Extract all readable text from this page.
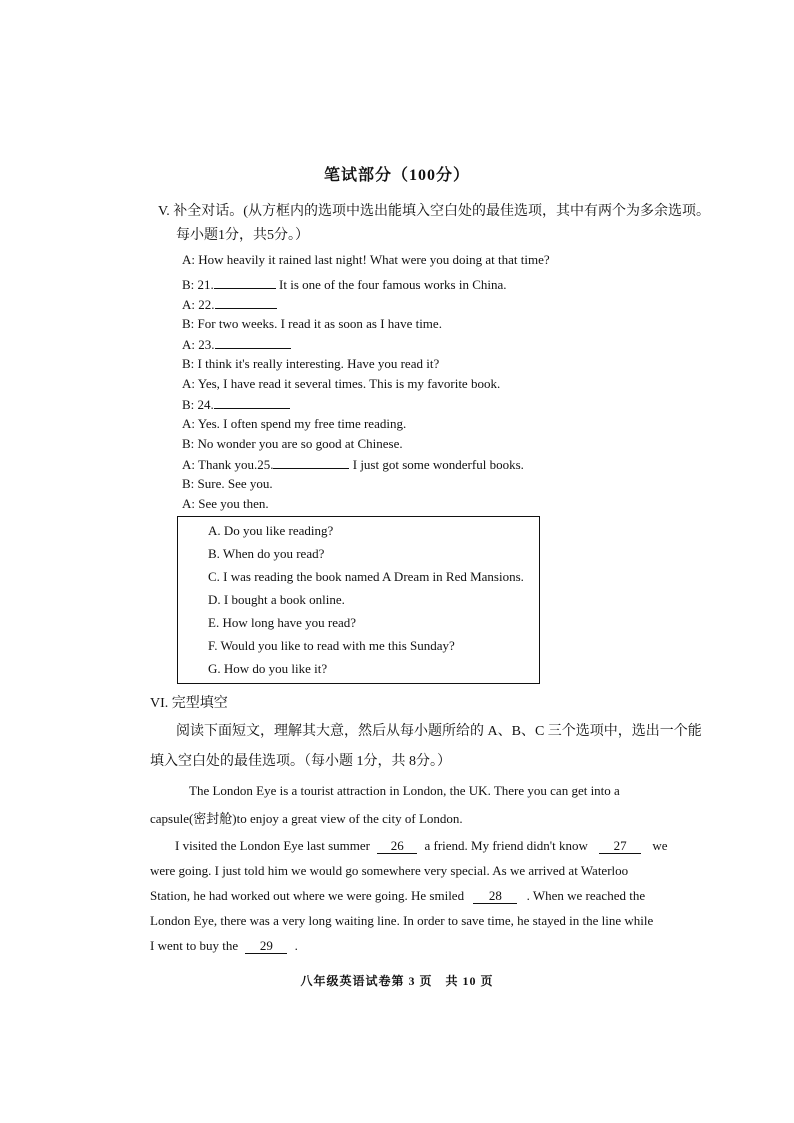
笔试部分（100分）
V. 补全对话。(从方框内的选项中选出能填入空白处的最佳选项，其中有两个为多余选项。
每小题1分，共5分。）
A: How heavily it rained last night! What were you doing at that time?
B: 21.	It is one of the four famous works in China.
A: 22.
B: For two weeks. I read it as soon as I have time.
A: 23.
B: I think it's really interesting. Have you read it?
A: Yes, I have read it several times. This is my favorite book.
B: 24.
A: Yes. I often spend my free time reading.
B: No wonder you are so good at Chinese.
A: Thank you.25.	I just got some wonderful books.
B: Sure. See you.
A: See you then.
A. Do you like reading?
B. When do you read?
C. I was reading the book named A Dream in Red Mansions.
D. I bought a book online.
E. How long have you read?
F. Would you like to read with me this Sunday?
G. How do you like it?
VI. 完型填空
阅读下面短文，理解其大意，然后从每小题所给的 A、B、C 三个选项中，选出一个能
填入空白处的最佳选项。（每小题 1分，共 8分。）
The London Eye is a tourist attraction in London, the UK. There you can get into a
capsule(密封舱)to enjoy a great view of the city of London.
I visited the London Eye last summer 26 a friend. My friend didn't know 27 we
were going. I just told him we would go somewhere very special. As we arrived at Waterloo
Station, he had worked out where we were going. He smiled 28 . When we reached the
London Eye, there was a very long waiting line. In order to save time, he stayed in the line while
I went to buy the 29 .
八年级英语试卷第 3 页　共 10 页
